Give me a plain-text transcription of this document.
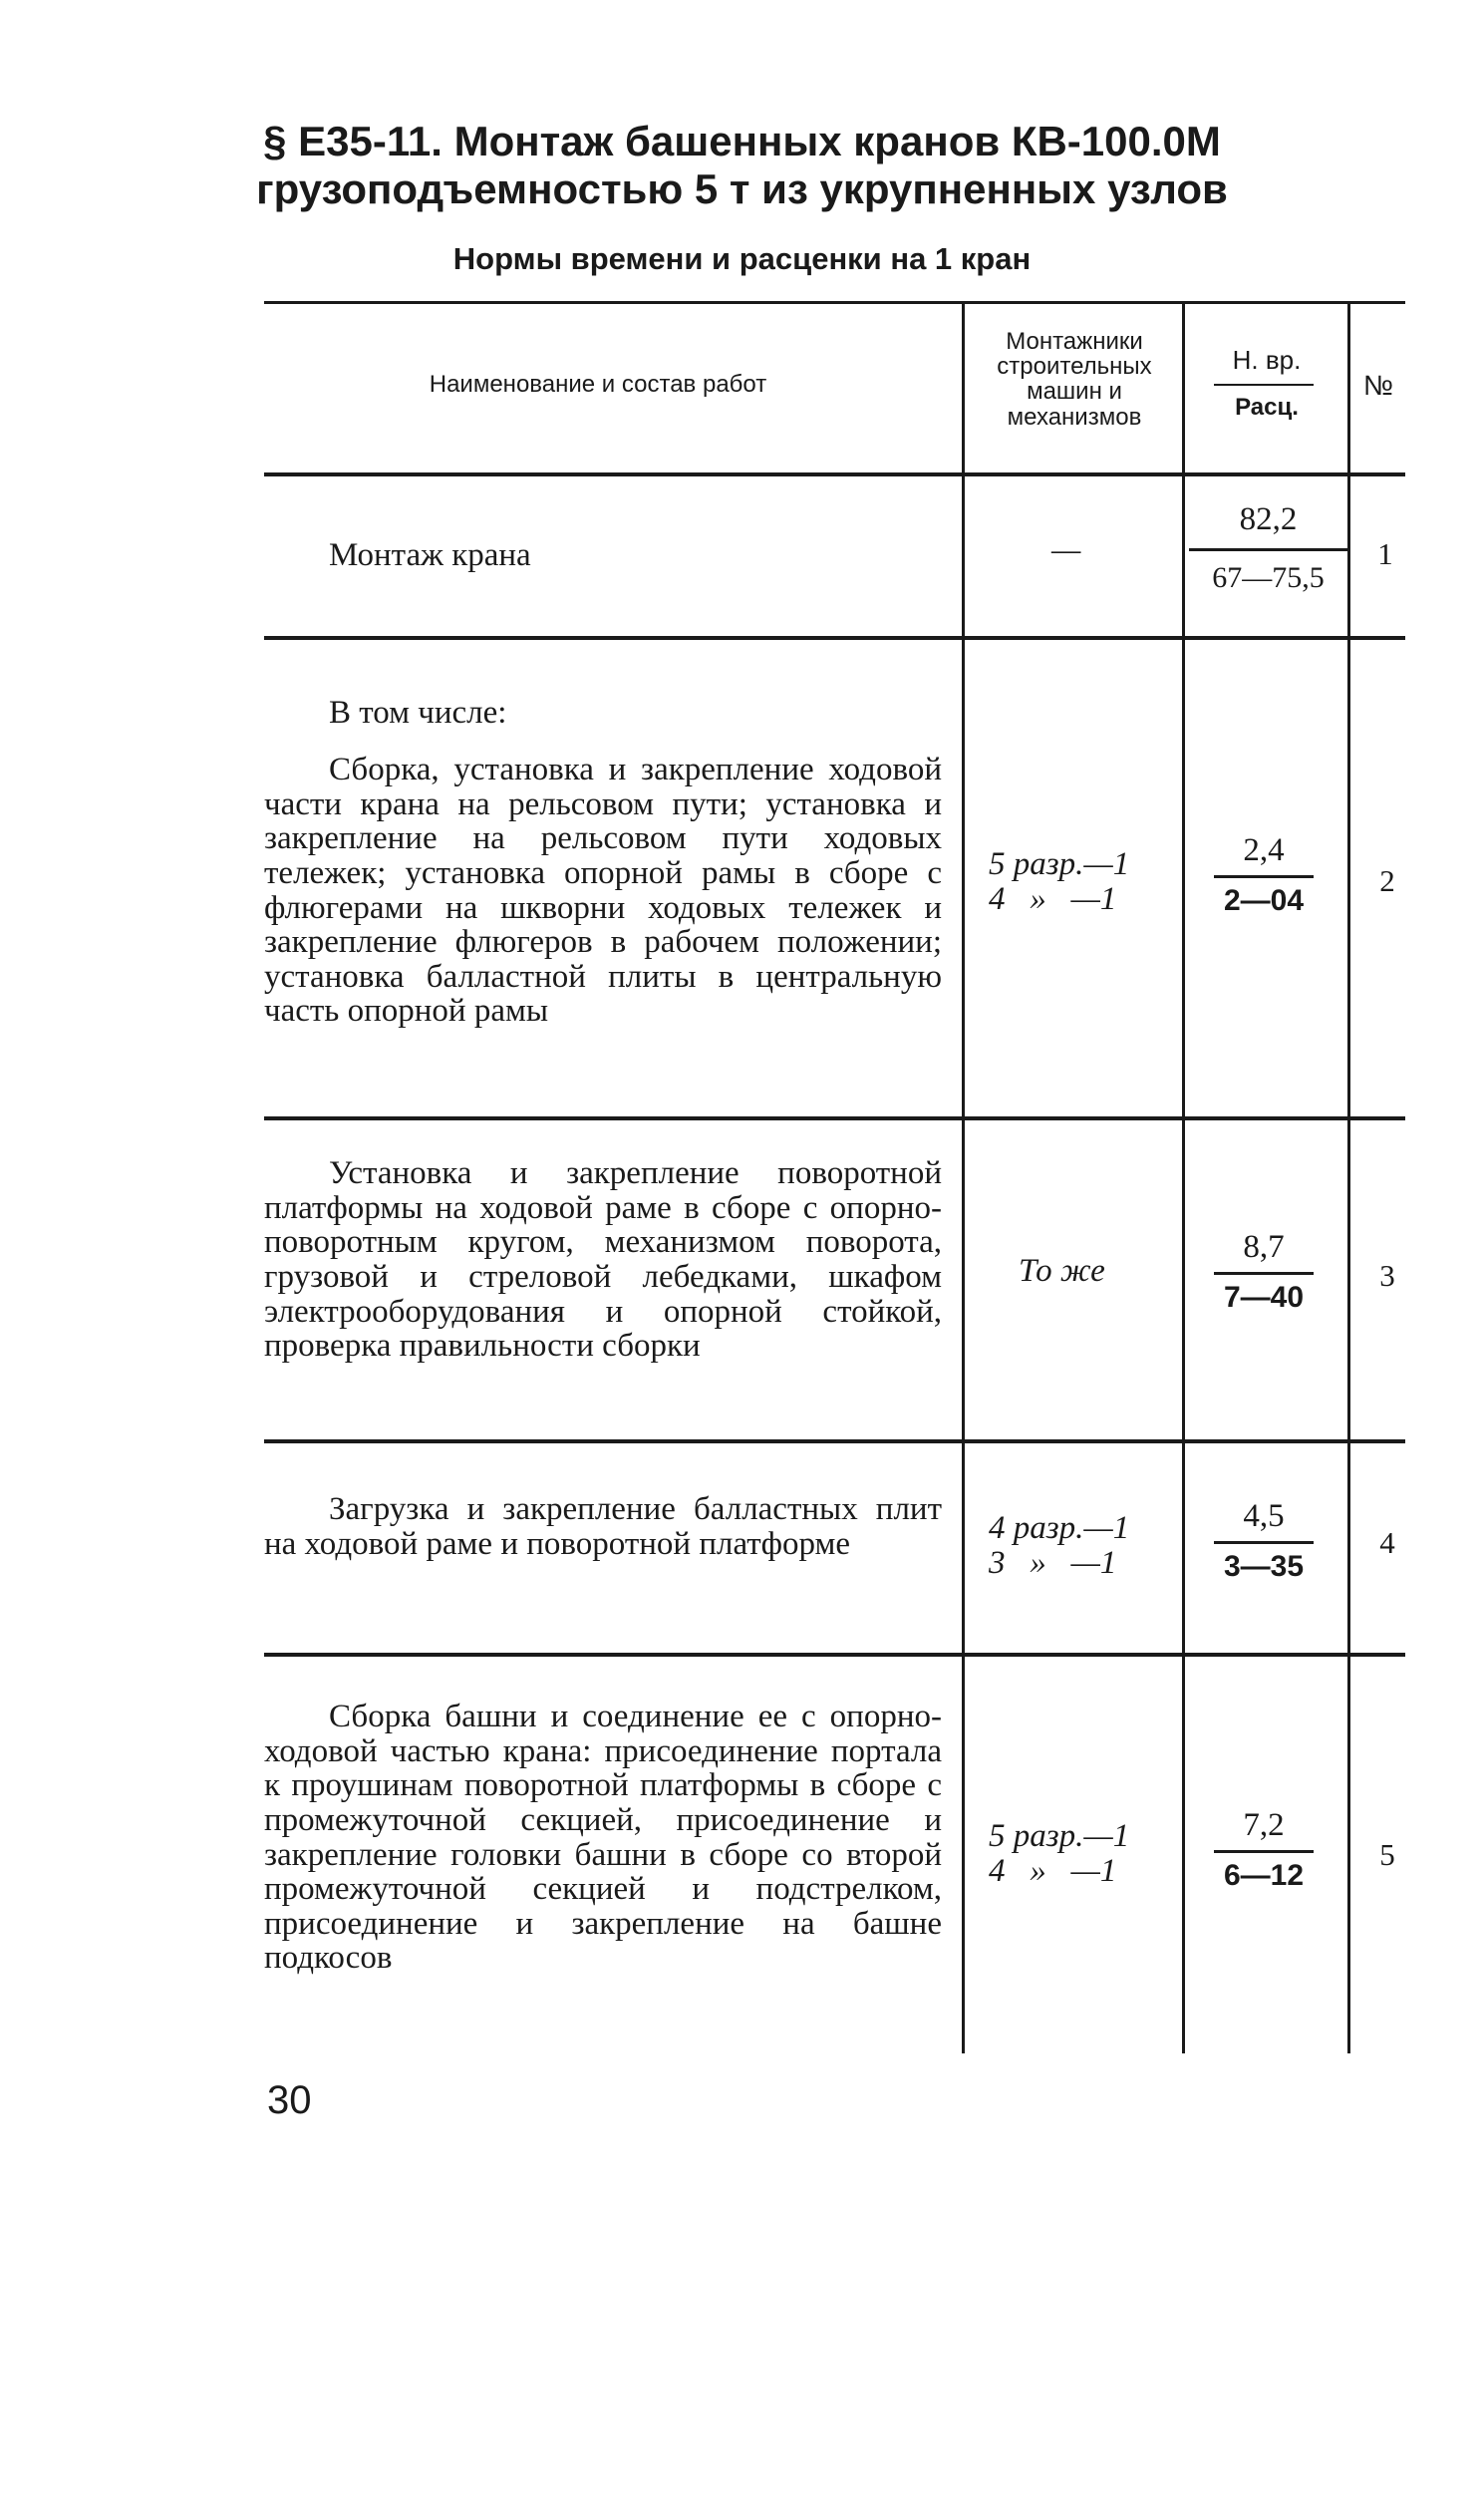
§ Е35-11. Монтаж башенных кранов КВ-100.0М
грузоподъемностью 5 т из укрупненных узлов
Нормы времени и расценки на 1 кран
Наименование и состав работ
Монтажники строительных машин и механизмов
Н. вр.
Расц.
№
Монтаж крана	—
82,2
67—75,5
1
В том числе:
Сборка, установка и закрепление ходовой части крана на рельсовом пути; установка и закрепление на рельсовом пути ходовых тележек; установка опорной рамы в сборе с флюгерами на шкворни ходовых тележек и закрепление флюгеров в рабочем положении; установка балластной плиты в центральную часть опорной рамы
5 разр.—1
4   »   —1
2,4
2—04
2
Установка и закрепление поворотной платформы на ходовой раме в сборе с опорно-поворотным кругом, механизмом поворота, грузовой и стреловой лебедками, шкафом электрооборудования и опорной стойкой, проверка правильности сборки
То же
8,7
7—40
3
Загрузка и закрепление балластных плит на ходовой раме и поворотной платформе	4 разр.—1
3   »   —1
4,5
3—35
4
Сборка башни и соединение ее с опорно-ходовой частью крана: присоединение портала к проушинам поворотной платформы в сборе с промежуточной секцией, присоединение и закрепление головки башни в сборе со второй промежуточной секцией и подстрелком, присоединение и закрепление на башне подкосов
5 разр.—1
4   »   —1
7,2
6—12
5
30
